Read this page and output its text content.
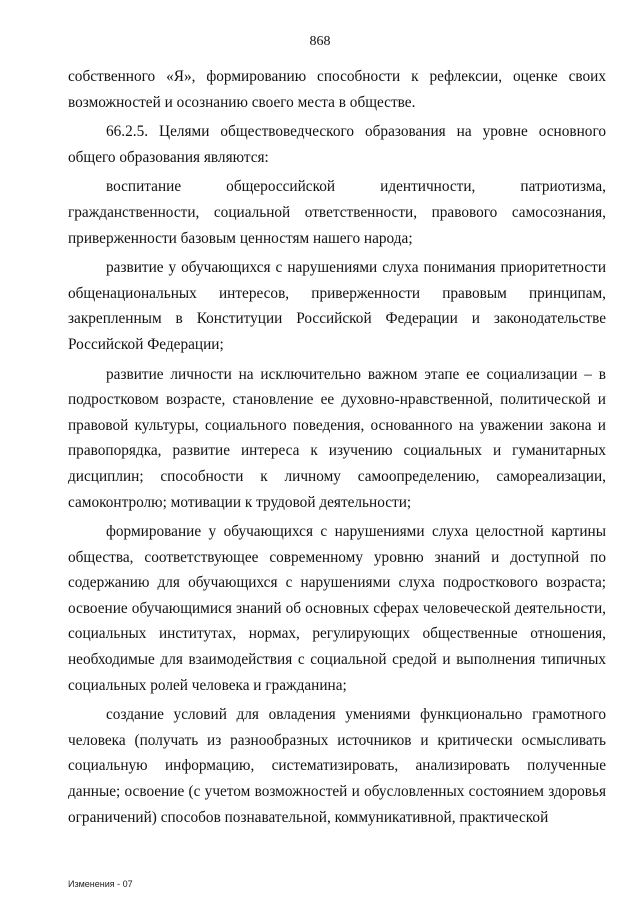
868

собственного «Я», формированию способности к рефлексии, оценке своих возможностей и осознанию своего места в обществе.

66.2.5. Целями обществоведческого образования на уровне основного общего образования являются:

воспитание общероссийской идентичности, патриотизма, гражданственности, социальной ответственности, правового самосознания, приверженности базовым ценностям нашего народа;

развитие у обучающихся с нарушениями слуха понимания приоритетности общенациональных интересов, приверженности правовым принципам, закрепленным в Конституции Российской Федерации и законодательстве Российской Федерации;

развитие личности на исключительно важном этапе ее социализации – в подростковом возрасте, становление ее духовно-нравственной, политической и правовой культуры, социального поведения, основанного на уважении закона и правопорядка, развитие интереса к изучению социальных и гуманитарных дисциплин; способности к личному самоопределению, самореализации, самоконтролю; мотивации к трудовой деятельности;

формирование у обучающихся с нарушениями слуха целостной картины общества, соответствующее современному уровню знаний и доступной по содержанию для обучающихся с нарушениями слуха подросткового возраста; освоение обучающимися знаний об основных сферах человеческой деятельности, социальных институтах, нормах, регулирующих общественные отношения, необходимые для взаимодействия с социальной средой и выполнения типичных социальных ролей человека и гражданина;

создание условий для овладения умениями функционально грамотного человека (получать из разнообразных источников и критически осмысливать социальную информацию, систематизировать, анализировать полученные данные; освоение (с учетом возможностей и обусловленных состоянием здоровья ограничений) способов познавательной, коммуникативной, практической

Изменения - 07
